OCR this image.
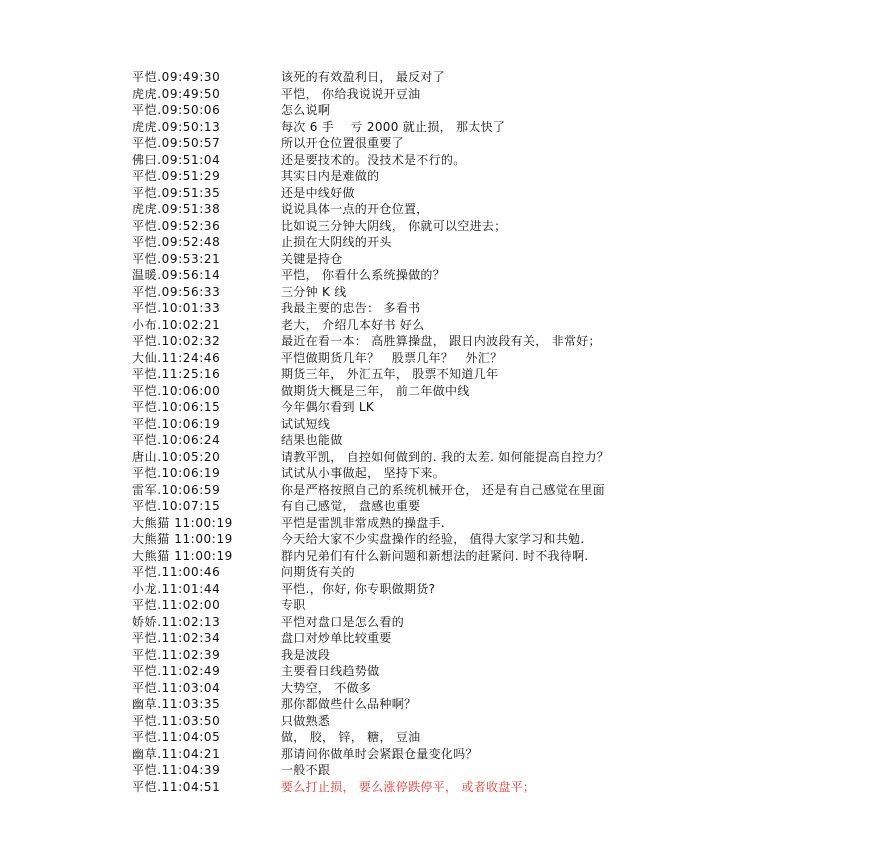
平恺.09:49:30	该死的有效盈利日， 最反对了
虎虎.09:49:50	平恺， 你给我说说开豆油
平恺.09:50:06	怎么说啊
虎虎.09:50:13	每次 6 手　 亏 2000 就止损， 那太快了
平恺.09:50:57	所以开仓位置很重要了
佛曰.09:51:04	还是要技术的。没技术是不行的。
平恺.09:51:29	其实日内是难做的
平恺.09:51:35	还是中线好做
虎虎.09:51:38	说说具体一点的开仓位置，
平恺.09:52:36	比如说三分钟大阴线， 你就可以空进去；
平恺.09:52:48	止损在大阴线的开头
平恺.09:53:21	关键是持仓
温暖.09:56:14	平恺， 你看什么系统操做的？
平恺.09:56:33	三分钟 K 线
平恺.10:01:33	我最主要的忠告： 多看书
小布.10:02:21	老大， 介绍几本好书 好么
平恺.10:02:32	最近在看一本： 高胜算操盘， 跟日内波段有关， 非常好；
大仙.11:24:46	平恺做期货几年？　股票几年？　外汇？
平恺.11:25:16	期货三年， 外汇五年， 股票不知道几年
平恺.10:06:00	做期货大概是三年， 前二年做中线
平恺.10:06:15	今年偶尔看到 LK
平恺.10:06:19	试试短线
平恺.10:06:24	结果也能做
唐山.10:05:20	请教平凯， 自控如何做到的. 我的太差. 如何能提高自控力？
平恺.10:06:19	试试从小事做起， 坚持下来。
雷军.10:06:59	你是严格按照自己的系统机械开仓， 还是有自己感觉在里面
平恺.10:07:15	有自己感觉， 盘感也重要
大熊猫 11:00:19	平恺是雷凯非常成熟的操盘手.
大熊猫 11:00:19	今天给大家不少实盘操作的经验， 值得大家学习和共勉.
大熊猫 11:00:19	群内兄弟们有什么新问题和新想法的赶紧问. 时不我待啊.
平恺.11:00:46	问期货有关的
小龙.11:01:44	平恺.，你好, 你专职做期货?
平恺.11:02:00	专职
娇娇.11:02:13	平恺对盘口是怎么看的
平恺.11:02:34	盘口对炒单比较重要
平恺.11:02:39	我是波段
平恺.11:02:49	主要看日线趋势做
平恺.11:03:04	大势空， 不做多
幽草.11:03:35	那你都做些什么品种啊？
平恺.11:03:50	只做熟悉
平恺.11:04:05	做， 胶， 锌， 糖， 豆油
幽草.11:04:21	那请问你做单时会紧跟仓量变化吗？
平恺.11:04:39	一般不跟
平恺.11:04:51	要么打止损， 要么涨停跌停平， 或者收盘平；
